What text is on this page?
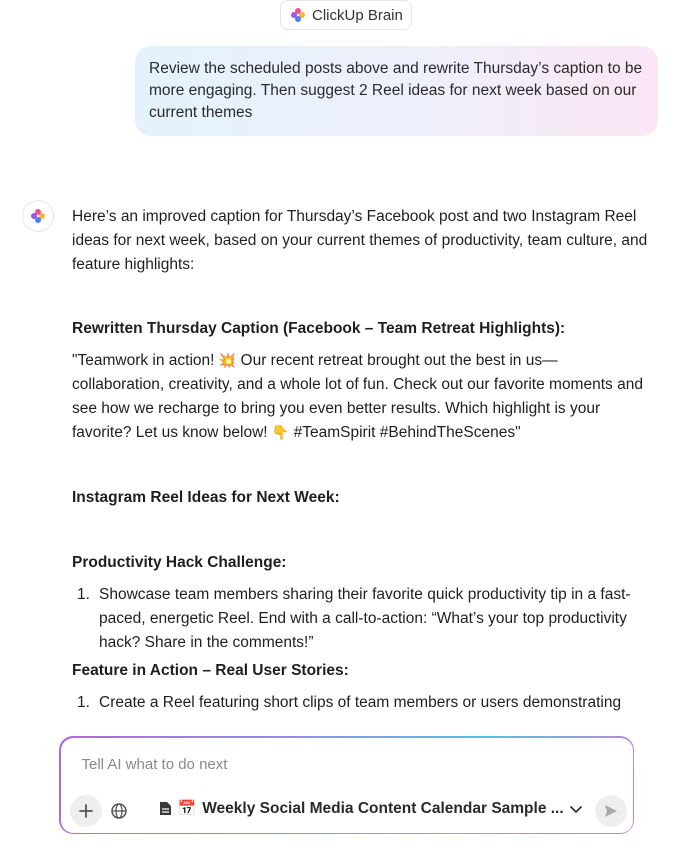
ClickUp Brain
Review the scheduled posts above and rewrite Thursday’s caption to be more engaging. Then suggest 2 Reel ideas for next week based on our current themes
Here’s an improved caption for Thursday’s Facebook post and two Instagram Reel ideas for next week, based on your current themes of productivity, team culture, and feature highlights:
Rewritten Thursday Caption (Facebook – Team Retreat Highlights):
"Teamwork in action! 💥 Our recent retreat brought out the best in us—collaboration, creativity, and a whole lot of fun. Check out our favorite moments and see how we recharge to bring you even better results. Which highlight is your favorite? Let us know below! 👇 #TeamSpirit #BehindTheScenes"
Instagram Reel Ideas for Next Week:
Productivity Hack Challenge:
1. Showcase team members sharing their favorite quick productivity tip in a fast-paced, energetic Reel. End with a call-to-action: “What’s your top productivity hack? Share in the comments!”
Feature in Action – Real User Stories:
1. Create a Reel featuring short clips of team members or users demonstrating
Tell AI what to do next
📅 Weekly Social Media Content Calendar Sample ...
